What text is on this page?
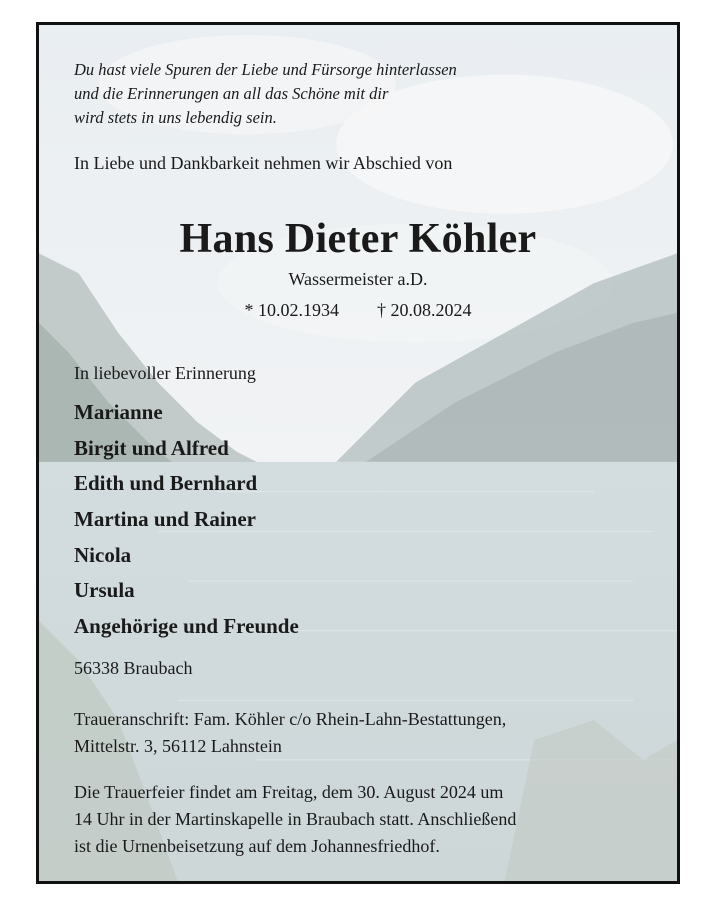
Du hast viele Spuren der Liebe und Fürsorge hinterlassen
und die Erinnerungen an all das Schöne mit dir
wird stets in uns lebendig sein.
In Liebe und Dankbarkeit nehmen wir Abschied von
Hans Dieter Köhler
Wassermeister a.D.
* 10.02.1934 † 20.08.2024
In liebevoller Erinnerung
Marianne
Birgit und Alfred
Edith und Bernhard
Martina und Rainer
Nicola
Ursula
Angehörige und Freunde
56338 Braubach
Traueranschrift: Fam. Köhler c/o Rhein-Lahn-Bestattungen,
Mittelstr. 3, 56112 Lahnstein
Die Trauerfeier findet am Freitag, dem 30. August 2024 um
14 Uhr in der Martinskapelle in Braubach statt. Anschließend
ist die Urnenbeisetzung auf dem Johannesfriedhof.
